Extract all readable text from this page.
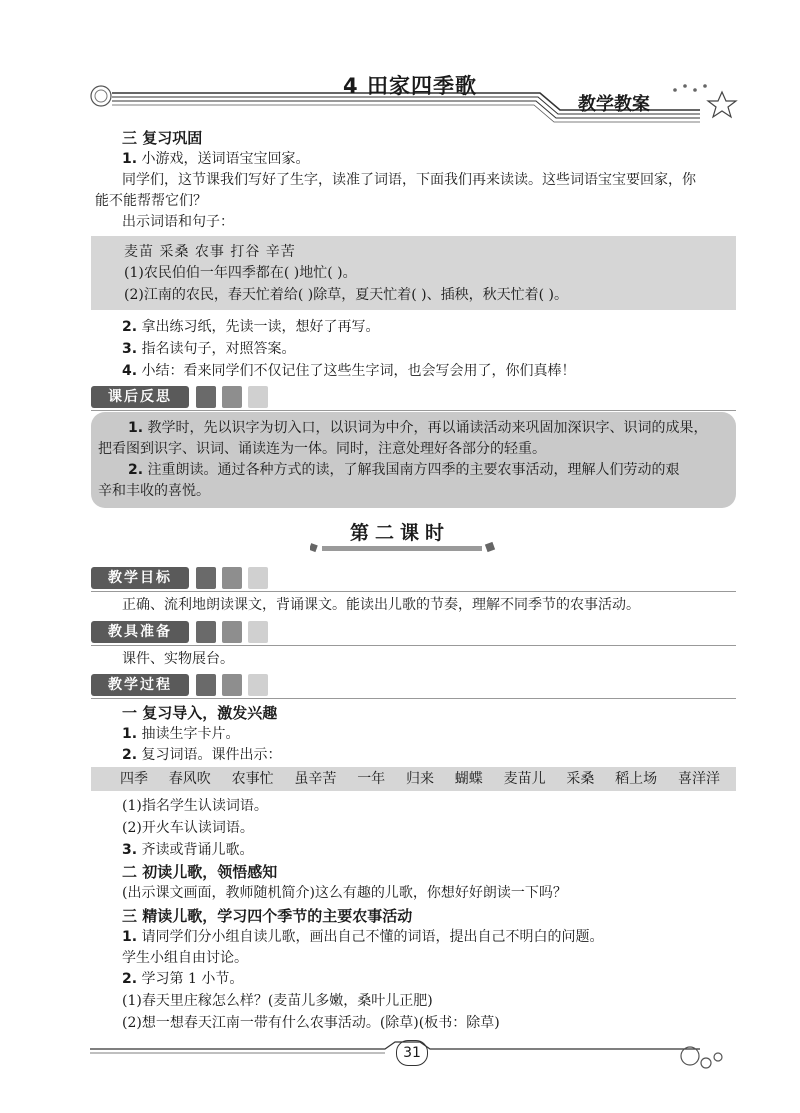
4 田家四季歌
教学教案
三 复习巩固
1. 小游戏，送词语宝宝回家。
同学们，这节课我们写好了生字，读准了词语，下面我们再来读读。这些词语宝宝要回家，你
能不能帮帮它们？
出示词语和句子：
麦苗 采桑 农事 打谷 辛苦
(1)农民伯伯一年四季都在( )地忙( )。
(2)江南的农民，春天忙着给( )除草，夏天忙着( )、插秧，秋天忙着( )。
2. 拿出练习纸，先读一读，想好了再写。
3. 指名读句子，对照答案。
4. 小结：看来同学们不仅记住了这些生字词，也会写会用了，你们真棒！
课后反思
1. 教学时，先以识字为切入口，以识词为中介，再以诵读活动来巩固加深识字、识词的成果，
把看图到识字、识词、诵读连为一体。同时，注意处理好各部分的轻重。
2. 注重朗读。通过各种方式的读，了解我国南方四季的主要农事活动，理解人们劳动的艰
辛和丰收的喜悦。
第二课时
教学目标
正确、流利地朗读课文，背诵课文。能读出儿歌的节奏，理解不同季节的农事活动。
教具准备
课件、实物展台。
教学过程
一 复习导入，激发兴趣
1. 抽读生字卡片。
2. 复习词语。课件出示：
四季 春风吹 农事忙 虽辛苦 一年 归来 蝴蝶 麦苗儿 采桑 稻上场 喜洋洋
(1)指名学生认读词语。
(2)开火车认读词语。
3. 齐读或背诵儿歌。
二 初读儿歌，领悟感知
(出示课文画面，教师随机简介)这么有趣的儿歌，你想好好朗读一下吗？
三 精读儿歌，学习四个季节的主要农事活动
1. 请同学们分小组自读儿歌，画出自己不懂的词语，提出自己不明白的问题。
学生小组自由讨论。
2. 学习第 1 小节。
(1)春天里庄稼怎么样？(麦苗儿多嫩，桑叶儿正肥)
(2)想一想春天江南一带有什么农事活动。(除草)(板书：除草)
31
